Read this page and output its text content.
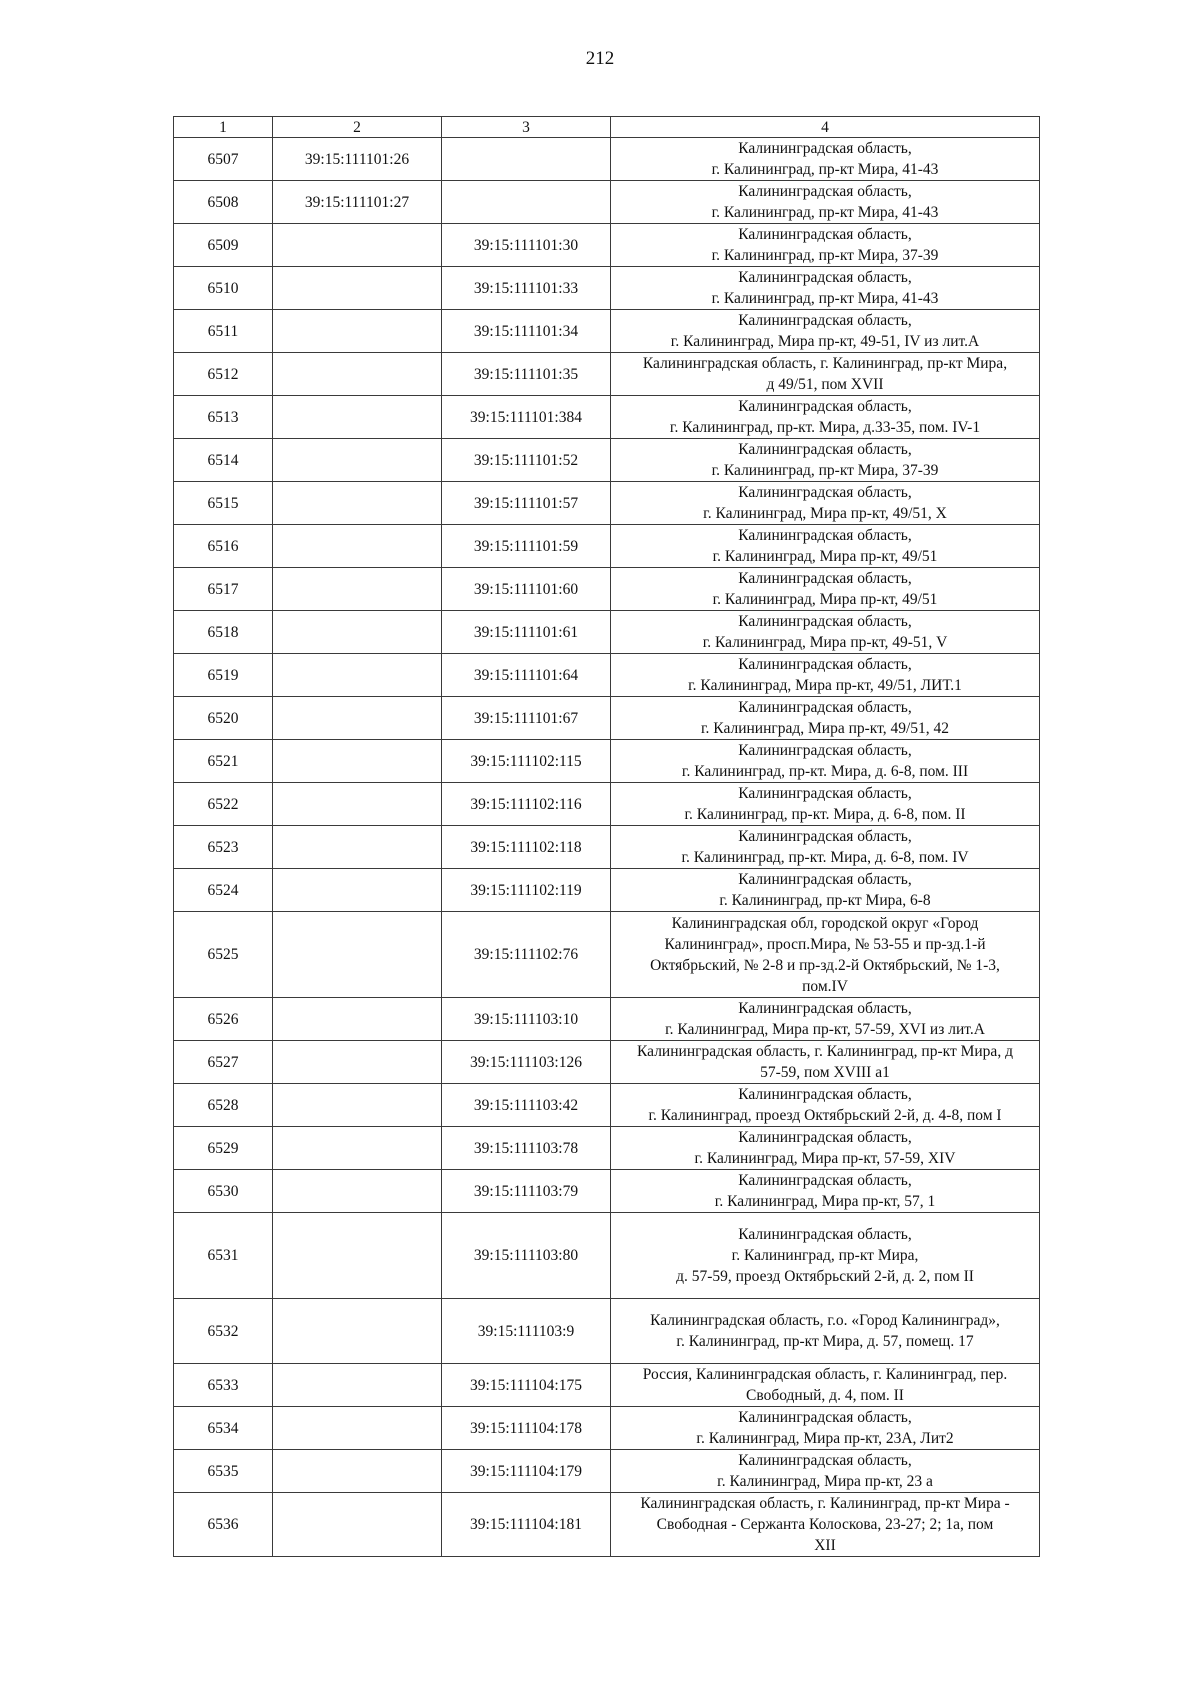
212
1	2	3	4
6507	39:15:111101:26		Калининградская область,
г. Калининград, пр-кт Мира, 41-43

6508	39:15:111101:27		Калининградская область,
г. Калининград, пр-кт Мира, 41-43

6509		39:15:111101:30	Калининградская область,
г. Калининград, пр-кт Мира, 37-39

6510		39:15:111101:33	Калининградская область,
г. Калининград, пр-кт Мира, 41-43

6511		39:15:111101:34	Калининградская область,
г. Калининград, Мира пр-кт, 49-51, IV из лит.А

6512		39:15:111101:35	Калининградская область, г. Калининград, пр-кт Мира,
д 49/51, пом XVII

6513		39:15:111101:384	Калининградская область,
г. Калининград, пр-кт. Мира, д.33-35, пом. IV-1

6514		39:15:111101:52	Калининградская область,
г. Калининград, пр-кт Мира, 37-39

6515		39:15:111101:57	Калининградская область,
г. Калининград, Мира пр-кт, 49/51, X

6516		39:15:111101:59	Калининградская область,
г. Калининград, Мира пр-кт, 49/51

6517		39:15:111101:60	Калининградская область,
г. Калининград, Мира пр-кт, 49/51

6518		39:15:111101:61	Калининградская область,
г. Калининград, Мира пр-кт, 49-51, V

6519		39:15:111101:64	Калининградская область,
г. Калининград, Мира пр-кт, 49/51, ЛИТ.1

6520		39:15:111101:67	Калининградская область,
г. Калининград, Мира пр-кт, 49/51, 42

6521		39:15:111102:115	Калининградская область,
г. Калининград, пр-кт. Мира, д. 6-8, пом. III

6522		39:15:111102:116	Калининградская область,
г. Калининград, пр-кт. Мира, д. 6-8, пом. II

6523		39:15:111102:118	Калининградская область,
г. Калининград, пр-кт. Мира, д. 6-8, пом. IV

6524		39:15:111102:119	Калининградская область,
г. Калининград, пр-кт Мира, 6-8

6525		39:15:111102:76	Калининградская обл, городской округ «Город
Калининград», просп.Мира, № 53-55 и пр-зд.1-й
Октябрьский, № 2-8 и пр-зд.2-й Октябрьский, № 1-3,
пом.IV

6526		39:15:111103:10	Калининградская область,
г. Калининград, Мира пр-кт, 57-59, XVI из лит.А

6527		39:15:111103:126	Калининградская область, г. Калининград, пр-кт Мира, д
57-59, пом XVIII а1

6528		39:15:111103:42	Калининградская область,
г. Калининград, проезд Октябрьский 2-й, д. 4-8, пом I

6529		39:15:111103:78	Калининградская область,
г. Калининград, Мира пр-кт, 57-59, XIV

6530		39:15:111103:79	Калининградская область,
г. Калининград, Мира пр-кт, 57, 1

6531		39:15:111103:80	Калининградская область,
г. Калининград, пр-кт Мира,
д. 57-59, проезд Октябрьский 2-й, д. 2, пом II

6532		39:15:111103:9	Калининградская область, г.о. «Город Калининград»,
г. Калининград, пр-кт Мира, д. 57, помещ. 17

6533		39:15:111104:175	Россия, Калининградская область, г. Калининград, пер.
Свободный, д. 4, пом. II

6534		39:15:111104:178	Калининградская область,
г. Калининград, Мира пр-кт, 23А, Лит2

6535		39:15:111104:179	Калининградская область,
г. Калининград, Мира пр-кт, 23 а

6536		39:15:111104:181	Калининградская область, г. Калининград, пр-кт Мира -
Свободная - Сержанта Колоскова, 23-27; 2; 1а, пом
XII
